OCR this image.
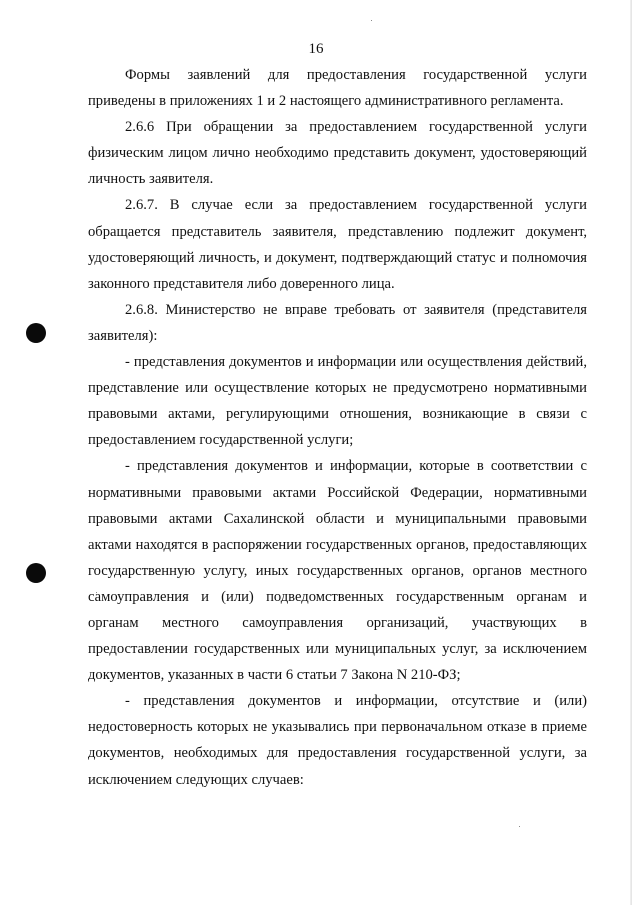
16

Формы заявлений для предоставления государственной услуги приведены в приложениях 1 и 2 настоящего административного регламента.

2.6.6 При обращении за предоставлением государственной услуги физическим лицом лично необходимо представить документ, удостоверяющий личность заявителя.

2.6.7. В случае если за предоставлением государственной услуги обращается представитель заявителя, представлению подлежит документ, удостоверяющий личность, и документ, подтверждающий статус и полномочия законного представителя либо доверенного лица.

2.6.8. Министерство не вправе требовать от заявителя (представителя заявителя):

- представления документов и информации или осуществления действий, представление или осуществление которых не предусмотрено нормативными правовыми актами, регулирующими отношения, возникающие в связи с предоставлением государственной услуги;

- представления документов и информации, которые в соответствии с нормативными правовыми актами Российской Федерации, нормативными правовыми актами Сахалинской области и муниципальными правовыми актами находятся в распоряжении государственных органов, предоставляющих государственную услугу, иных государственных органов, органов местного самоуправления и (или) подведомственных государственным органам и органам местного самоуправления организаций, участвующих в предоставлении государственных или муниципальных услуг, за исключением документов, указанных в части 6 статьи 7 Закона N 210-ФЗ;

- представления документов и информации, отсутствие и (или) недостоверность которых не указывались при первоначальном отказе в приеме документов, необходимых для предоставления государственной услуги, за исключением следующих случаев:
